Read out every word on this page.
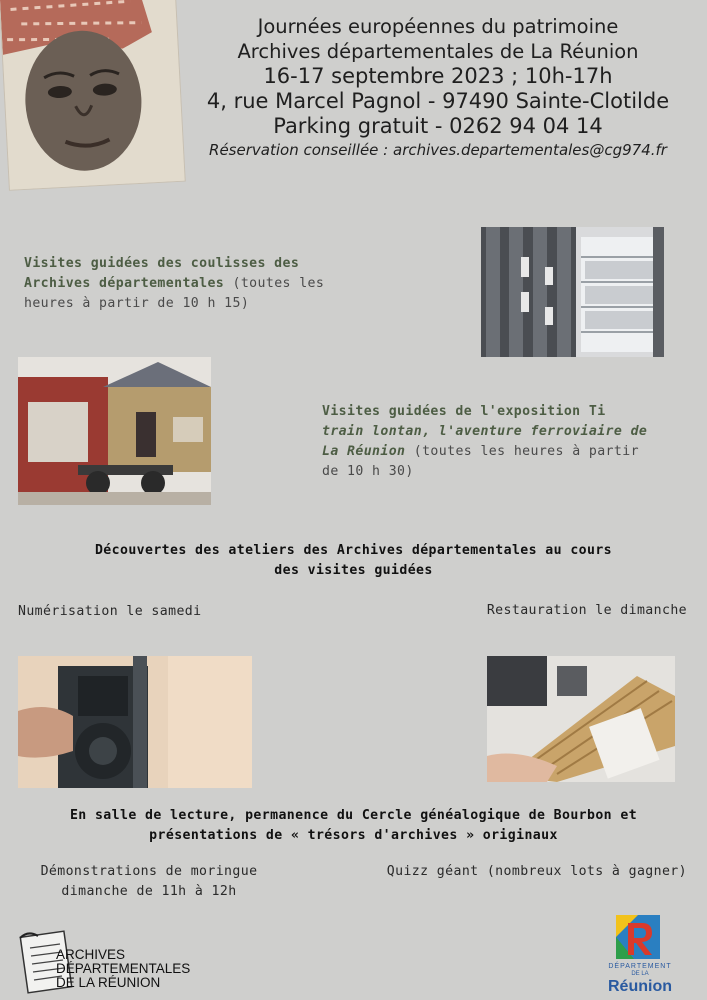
Journées européennes du patrimoine
Archives départementales de La Réunion
16-17 septembre 2023 ; 10h-17h
4, rue Marcel Pagnol - 97490 Sainte-Clotilde
Parking gratuit - 0262 94 04 14
Réservation conseillée : archives.departementales@cg974.fr
Visites guidées des coulisses des
Archives départementales (toutes les
heures à partir de 10 h 15)
Visites guidées de l'exposition Ti
train lontan, l'aventure ferroviaire de
La Réunion (toutes les heures à partir
de 10 h 30)
Découvertes des ateliers des Archives départementales au cours
des visites guidées
Numérisation le samedi	Restauration le dimanche
En salle de lecture, permanence du Cercle généalogique de Bourbon et
présentations de « trésors d'archives » originaux
Démonstrations de moringue
dimanche de 11h à 12h
Quizz géant (nombreux lots à gagner)
ARCHIVES
DÉPARTEMENTALES
DE LA RÉUNION
DÉPARTEMENT
DE LA
Réunion
